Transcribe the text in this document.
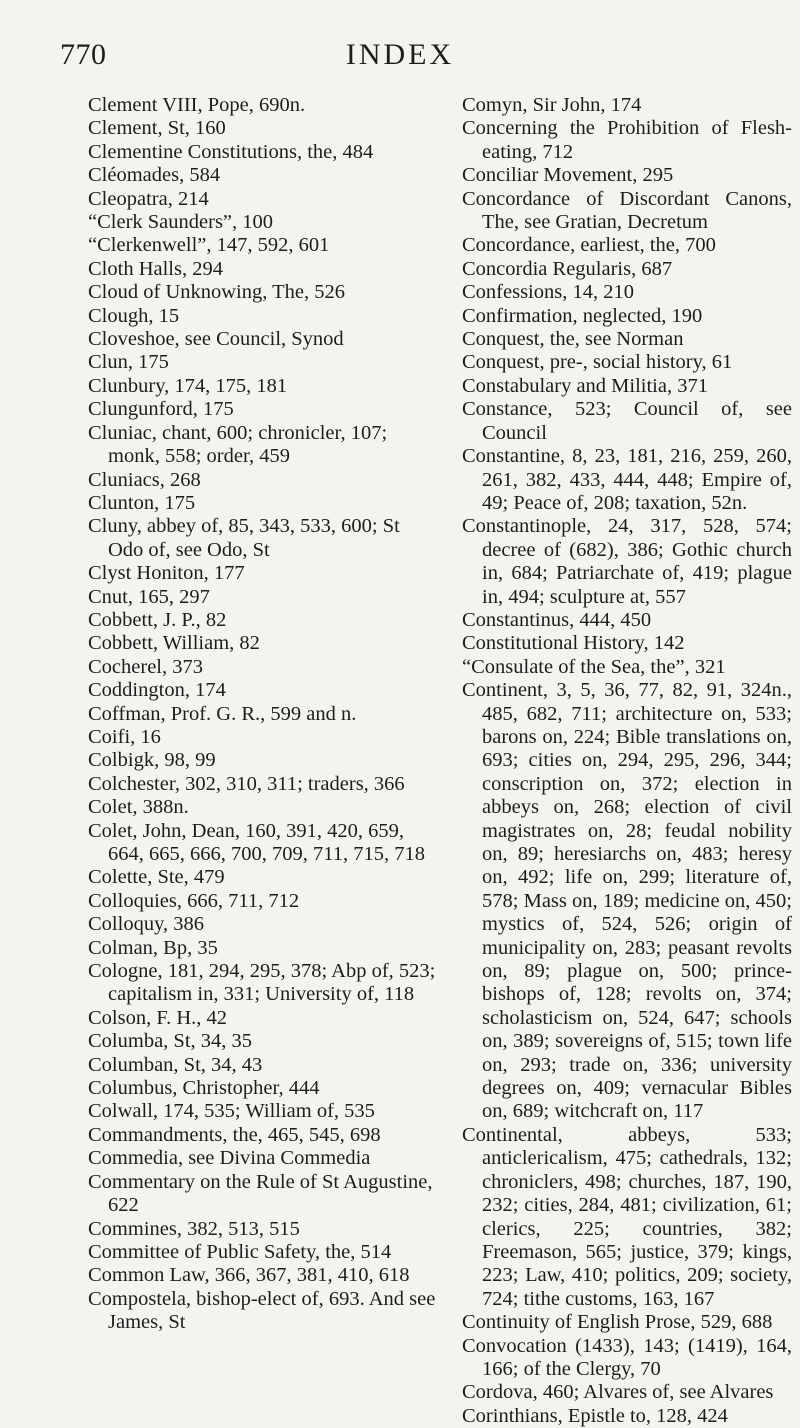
770	INDEX
Clement VIII, Pope, 690n.
Clement, St, 160
Clementine Constitutions, the, 484
Cléomades, 584
Cleopatra, 214
“Clerk Saunders”, 100
“Clerkenwell”, 147, 592, 601
Cloth Halls, 294
Cloud of Unknowing, The, 526
Clough, 15
Cloveshoe, see Council, Synod
Clun, 175
Clunbury, 174, 175, 181
Clungunford, 175
Cluniac, chant, 600; chronicler, 107; monk, 558; order, 459
Cluniacs, 268
Clunton, 175
Cluny, abbey of, 85, 343, 533, 600; St Odo of, see Odo, St
Clyst Honiton, 177
Cnut, 165, 297
Cobbett, J. P., 82
Cobbett, William, 82
Cocherel, 373
Coddington, 174
Coffman, Prof. G. R., 599 and n.
Coifi, 16
Colbigk, 98, 99
Colchester, 302, 310, 311; traders, 366
Colet, 388n.
Colet, John, Dean, 160, 391, 420, 659, 664, 665, 666, 700, 709, 711, 715, 718
Colette, Ste, 479
Colloquies, 666, 711, 712
Colloquy, 386
Colman, Bp, 35
Cologne, 181, 294, 295, 378; Abp of, 523; capitalism in, 331; University of, 118
Colson, F. H., 42
Columba, St, 34, 35
Columban, St, 34, 43
Columbus, Christopher, 444
Colwall, 174, 535; William of, 535
Commandments, the, 465, 545, 698
Commedia, see Divina Commedia
Commentary on the Rule of St Augustine, 622
Commines, 382, 513, 515
Committee of Public Safety, the, 514
Common Law, 366, 367, 381, 410, 618
Compostela, bishop-elect of, 693. And see James, St
Comyn, Sir John, 174
Concerning the Prohibition of Flesh-eating, 712
Conciliar Movement, 295
Concordance of Discordant Canons, The, see Gratian, Decretum
Concordance, earliest, the, 700
Concordia Regularis, 687
Confessions, 14, 210
Confirmation, neglected, 190
Conquest, the, see Norman
Conquest, pre-, social history, 61
Constabulary and Militia, 371
Constance, 523; Council of, see Council
Constantine, 8, 23, 181, 216, 259, 260, 261, 382, 433, 444, 448; Empire of, 49; Peace of, 208; taxation, 52n.
Constantinople, 24, 317, 528, 574; decree of (682), 386; Gothic church in, 684; Patriarchate of, 419; plague in, 494; sculpture at, 557
Constantinus, 444, 450
Constitutional History, 142
“Consulate of the Sea, the”, 321
Continent, 3, 5, 36, 77, 82, 91, 324n., 485, 682, 711; architecture on, 533; barons on, 224; Bible translations on, 693; cities on, 294, 295, 296, 344; conscription on, 372; election in abbeys on, 268; election of civil magistrates on, 28; feudal nobility on, 89; heresiarchs on, 483; heresy on, 492; life on, 299; literature of, 578; Mass on, 189; medicine on, 450; mystics of, 524, 526; origin of municipality on, 283; peasant revolts on, 89; plague on, 500; prince-bishops of, 128; revolts on, 374; scholasticism on, 524, 647; schools on, 389; sovereigns of, 515; town life on, 293; trade on, 336; university degrees on, 409; vernacular Bibles on, 689; witchcraft on, 117
Continental, abbeys, 533; anticlericalism, 475; cathedrals, 132; chroniclers, 498; churches, 187, 190, 232; cities, 284, 481; civilization, 61; clerics, 225; countries, 382; Freemason, 565; justice, 379; kings, 223; Law, 410; politics, 209; society, 724; tithe customs, 163, 167
Continuity of English Prose, 529, 688
Convocation (1433), 143; (1419), 164, 166; of the Clergy, 70
Cordova, 460; Alvares of, see Alvares
Corinthians, Epistle to, 128, 424
